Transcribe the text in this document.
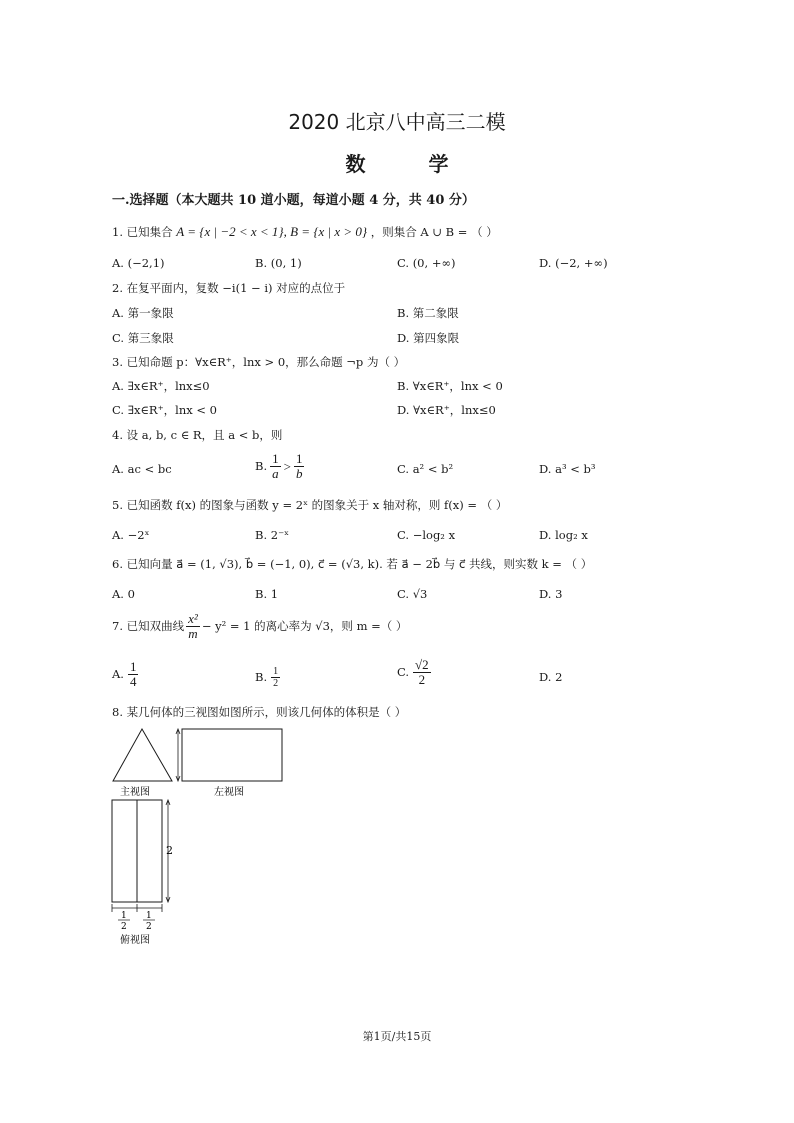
2020 北京八中高三二模
数 学
一.选择题（本大题共 10 道小题，每道小题 4 分，共 40 分）
1. 已知集合 A = {x | −2 < x < 1}, B = {x | x > 0} ，则集合 A ∪ B = （ ）
A. (−2,1)	B. (0, 1)	C. (0, +∞)	D. (−2, +∞)
2. 在复平面内，复数 −i(1 − i) 对应的点位于
A. 第一象限	B. 第二象限
C. 第三象限	D. 第四象限
3. 已知命题 p：∀x∈R⁺，lnx > 0，那么命题 ¬p 为（ ）
A. ∃x∈R⁺，lnx≤0	B. ∀x∈R⁺，lnx < 0
C. ∃x∈R⁺，lnx < 0	D. ∀x∈R⁺，lnx≤0
4. 设 a, b, c ∈ R，且 a < b，则
A. ac < bc	B. $\frac{1}{a} > \frac{1}{b}$	C. a² < b²	D. a³ < b³
5. 已知函数 f(x) 的图象与函数 y = 2ˣ 的图象关于 x 轴对称，则 f(x) = （ ）
A. −2ˣ	B. 2⁻ˣ	C. −log₂ x	D. log₂ x
6. 已知向量 a⃗ = (1, √3), b⃗ = (−1, 0), c⃗ = (√3, k). 若 a⃗ − 2b⃗ 与 c⃗ 共线，则实数 k = （ ）
A. 0	B. 1	C. √3	D. 3
7. 已知双曲线 $\frac{\text{x²}}{m} - y^2 = 1$ 的离心率为 √3，则 m =（ ）
A. $\frac{1}{4}$	B. $\frac{1}{2}$	C. $\frac{√2}{2}$	D. 2
8. 某几何体的三视图如图所示，则该几何体的体积是（ ）
主视图	左视图
2
1
2
1
2
俯视图
第1页/共15页
